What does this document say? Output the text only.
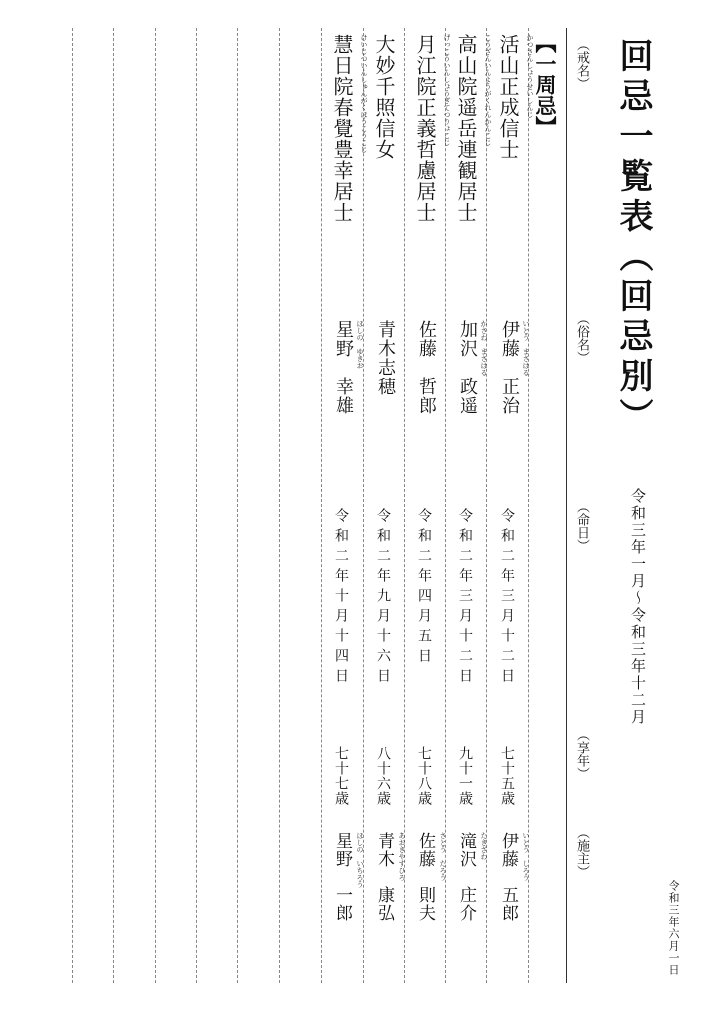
回忌一覧表（回忌別）
令和三年一月～令和三年十二月
令和三年六月一日
（戒名）
（俗名）
（命日）
（享年）
（施主）
【一周忌】
かつさんしょうせいしんじ
活山正成信士
いとう　まさはる
伊藤　正治
令和二年三月十二日
七十五歳
いとう　しろう
伊藤　五郎
こうざんいんようがくれんかんこじ
高山院遥岳連観居士
かさわ　まさはる
加沢　政遥
令和二年三月十二日
九十一歳
たきざわ
滝沢　庄介
げっこういんしょうぎてつりょこじ
月江院正義哲慮居士
佐藤　哲郎
令和二年四月五日
七十八歳
さとう　たろう
佐藤　則夫
大妙千照信女
青木志穂
令和二年九月十六日
八十六歳
あおきやすひろ
青木　康弘
けいじついんしゅんがくほうこうこじ
慧日院春覺豊幸居士
ほしの　ゆきお
星野　幸雄
令和二年十月十四日
七十七歳
ほしの　いちろう
星野　一郎
